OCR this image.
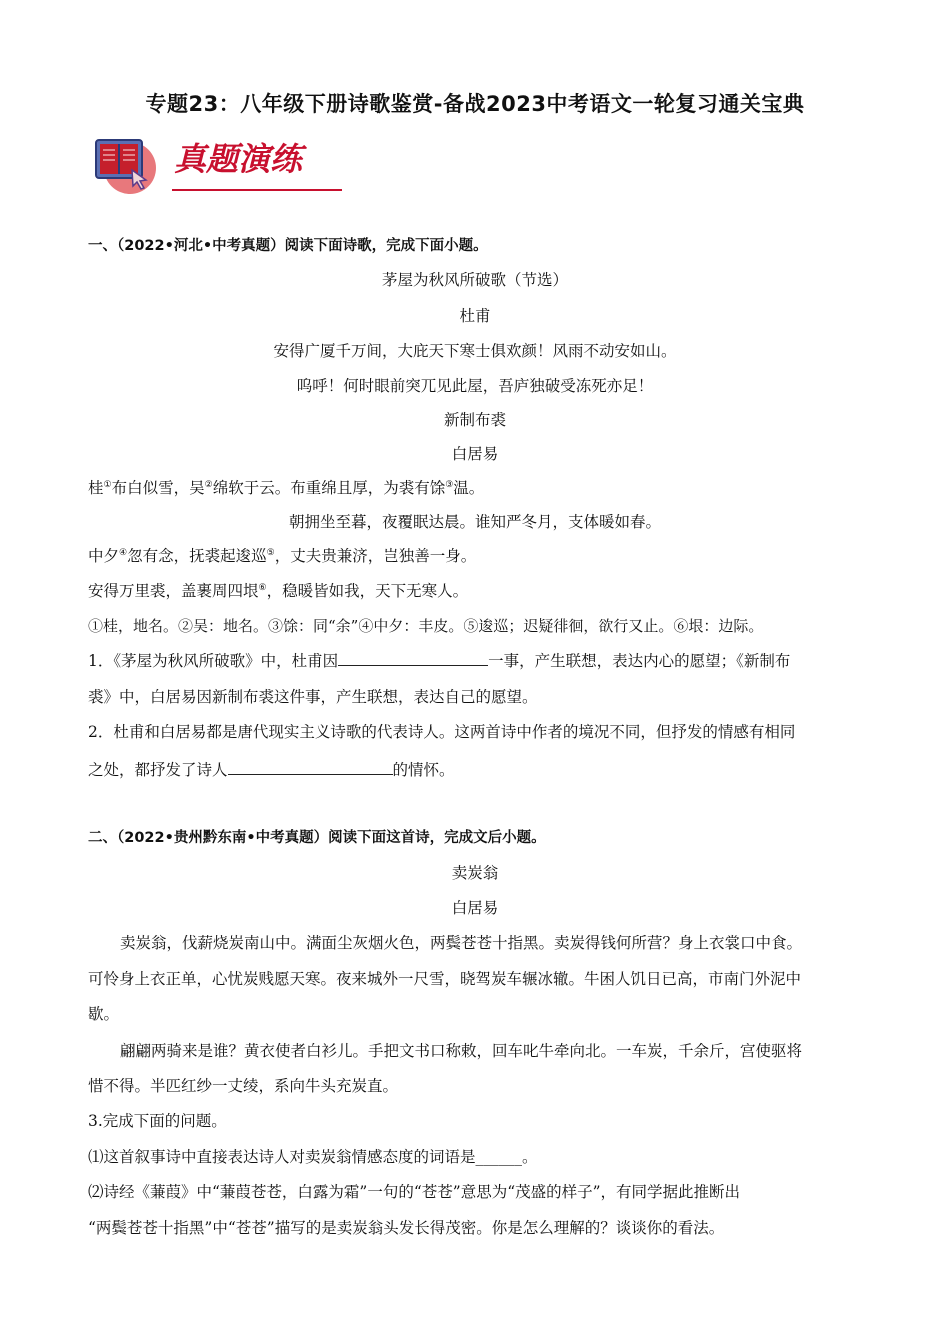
专题23：八年级下册诗歌鉴赏-备战2023中考语文一轮复习通关宝典
真题演练
一、（2022•河北•中考真题）阅读下面诗歌，完成下面小题。
茅屋为秋风所破歌（节选）
杜甫
安得广厦千万间，大庇天下寒士俱欢颜！风雨不动安如山。
呜呼！何时眼前突兀见此屋，吾庐独破受冻死亦足！
新制布裘
白居易
桂①布白似雪，吴②绵软于云。布重绵且厚，为裘有馀③温。
朝拥坐至暮，夜覆眠达晨。谁知严冬月，支体暖如春。
中夕④忽有念，抚裘起逡巡⑤，丈夫贵兼济，岂独善一身。
安得万里裘，盖裹周四垠⑥，稳暖皆如我，天下无寒人。
①桂，地名。②吴：地名。③馀：同“余”④中夕：丰皮。⑤逡巡；迟疑徘徊，欲行又止。⑥垠：边际。
1．《茅屋为秋风所破歌》中，杜甫因	一事，产生联想，表达内心的愿望；《新制布
裘》中，白居易因新制布裘这件事，产生联想，表达自己的愿望。
2．杜甫和白居易都是唐代现实主义诗歌的代表诗人。这两首诗中作者的境况不同，但抒发的情感有相同
之处，都抒发了诗人	的情怀。
二、（2022•贵州黔东南•中考真题）阅读下面这首诗，完成文后小题。
卖炭翁
白居易
卖炭翁，伐薪烧炭南山中。满面尘灰烟火色，两鬓苍苍十指黑。卖炭得钱何所营？身上衣裳口中食。
可怜身上衣正单，心忧炭贱愿天寒。夜来城外一尺雪，晓驾炭车辗冰辙。牛困人饥日已高，市南门外泥中
歇。
翩翩两骑来是谁？黄衣使者白衫儿。手把文书口称敕，回车叱牛牵向北。一车炭，千余斤，宫使驱将
惜不得。半匹红纱一丈绫，系向牛头充炭直。
3.完成下面的问题。
⑴这首叙事诗中直接表达诗人对卖炭翁情感态度的词语是______。
⑵诗经《蒹葭》中“蒹葭苍苍，白露为霜”一句的“苍苍”意思为“茂盛的样子”，有同学据此推断出
“两鬓苍苍十指黑”中“苍苍”描写的是卖炭翁头发长得茂密。你是怎么理解的？谈谈你的看法。
